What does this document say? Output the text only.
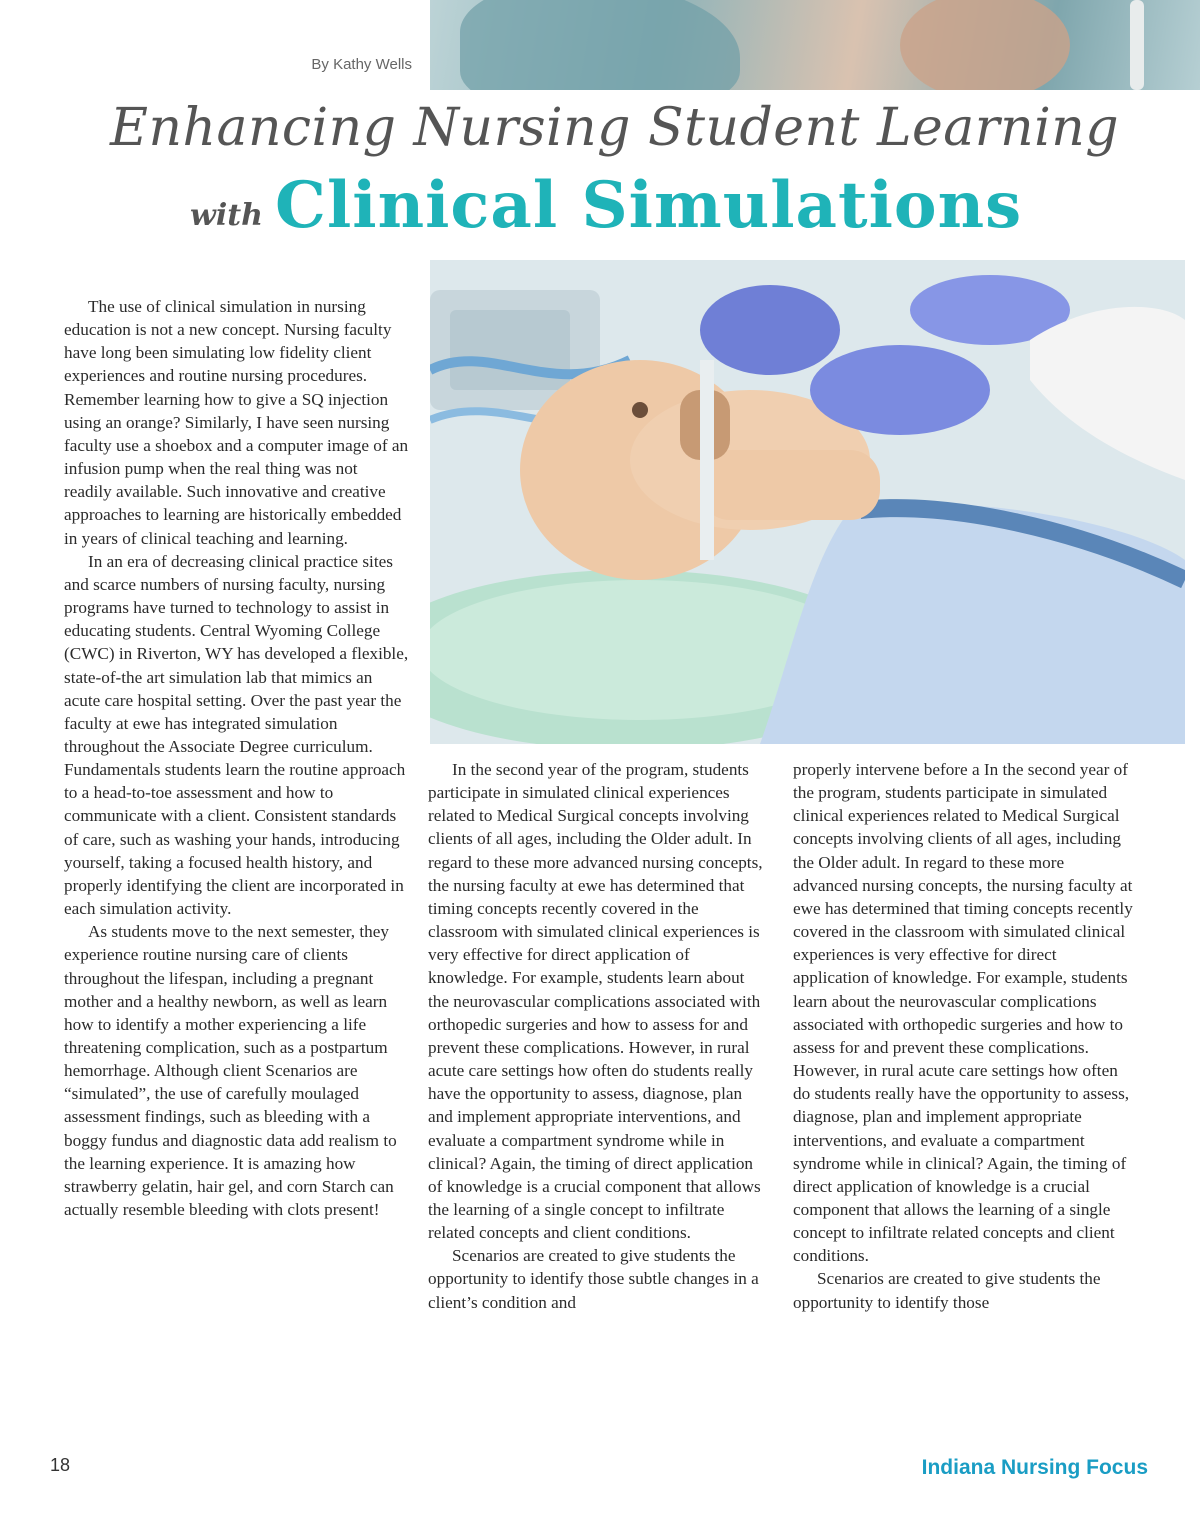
By Kathy Wells
Enhancing Nursing Student Learning
with Clinical Simulations

The use of clinical simulation in nursing education is not a new concept. Nursing faculty have long been simulating low fidelity client experiences and routine nursing procedures. Remember learning how to give a SQ injection using an orange? Similarly, I have seen nursing faculty use a shoebox and a computer image of an infusion pump when the real thing was not readily available. Such innovative and creative approaches to learning are historically embedded in years of clinical teaching and learning.

In an era of decreasing clinical practice sites and scarce numbers of nursing faculty, nursing programs have turned to technology to assist in educating students. Central Wyoming College (CWC) in Riverton, WY has developed a flexible, state-of-the art simulation lab that mimics an acute care hospital setting. Over the past year the faculty at ewe has integrated simulation throughout the Associate Degree curriculum. Fundamentals students learn the routine approach to a head-to-toe assessment and how to communicate with a client. Consistent standards of care, such as washing your hands, introducing yourself, taking a focused health history, and properly identifying the client are incorporated in each simulation activity.

As students move to the next semester, they experience routine nursing care of clients throughout the lifespan, including a pregnant mother and a healthy newborn, as well as learn how to identify a mother experiencing a life threatening complication, such as a postpartum hemorrhage. Although client Scenarios are “simulated”, the use of carefully moulaged assessment findings, such as bleeding with a boggy fundus and diagnostic data add realism to the learning experience. It is amazing how strawberry gelatin, hair gel, and corn Starch can actually resemble bleeding with clots present!

In the second year of the program, students participate in simulated clinical experiences related to Medical Surgical concepts involving clients of all ages, including the Older adult. In regard to these more advanced nursing concepts, the nursing faculty at ewe has determined that timing concepts recently covered in the classroom with simulated clinical experiences is very effective for direct application of knowledge. For example, students learn about the neurovascular complications associated with orthopedic surgeries and how to assess for and prevent these complications. However, in rural acute care settings how often do students really have the opportunity to assess, diagnose, plan and implement appropriate interventions, and evaluate a compartment syndrome while in clinical? Again, the timing of direct application of knowledge is a crucial component that allows the learning of a single concept to infiltrate related concepts and client conditions.

Scenarios are created to give students the opportunity to identify those subtle changes in a client’s condition and

properly intervene before a In the second year of the program, students participate in simulated clinical experiences related to Medical Surgical concepts involving clients of all ages, including the Older adult. In regard to these more advanced nursing concepts, the nursing faculty at ewe has determined that timing concepts recently covered in the classroom with simulated clinical experiences is very effective for direct application of knowledge. For example, students learn about the neurovascular complications associated with orthopedic surgeries and how to assess for and prevent these complications. However, in rural acute care settings how often do students really have the opportunity to assess, diagnose, plan and implement appropriate interventions, and evaluate a compartment syndrome while in clinical? Again, the timing of direct application of knowledge is a crucial component that allows the learning of a single concept to infiltrate related concepts and client conditions.

Scenarios are created to give students the opportunity to identify those

18	Indiana Nursing Focus
